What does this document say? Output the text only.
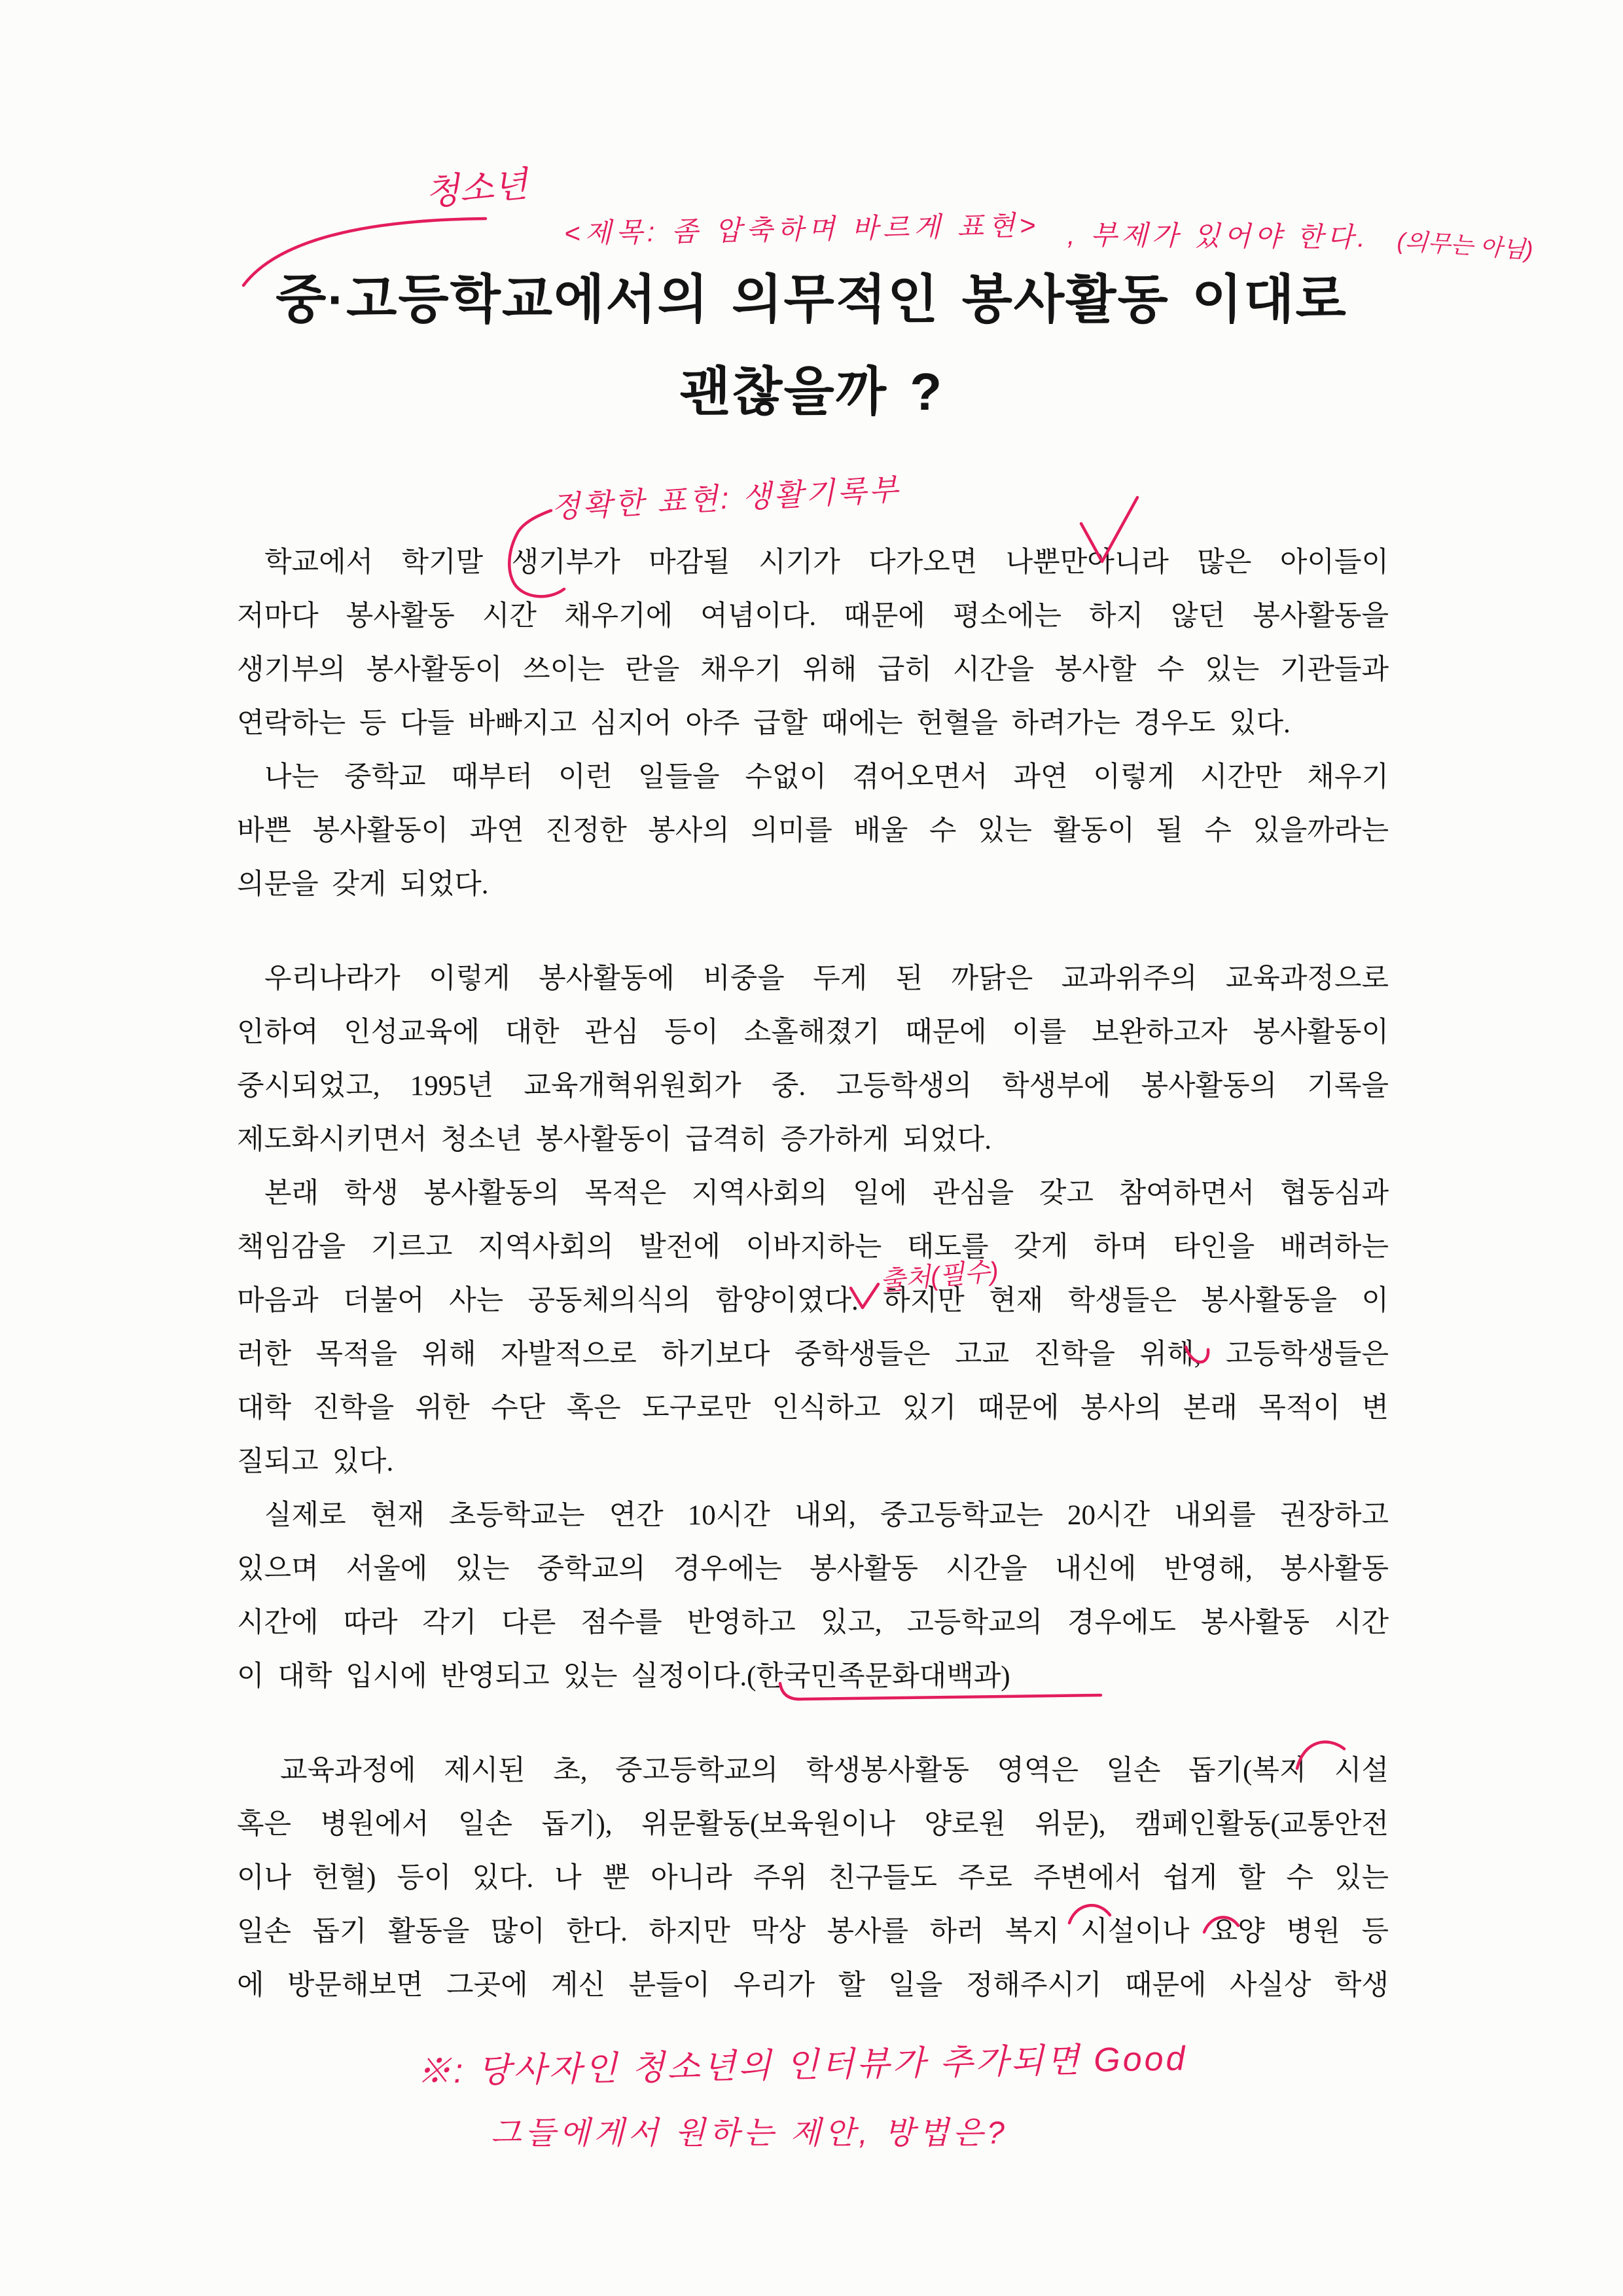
중·고등학교에서의 의무적인 봉사활동 이대로
괜찮을까 ?
학교에서 학기말 생기부가 마감될 시기가 다가오면 나뿐만아니라 많은 아이들이
저마다 봉사활동 시간 채우기에 여념이다. 때문에 평소에는 하지 않던 봉사활동을
생기부의 봉사활동이 쓰이는 란을 채우기 위해 급히 시간을 봉사할 수 있는 기관들과
연락하는 등 다들 바빠지고 심지어 아주 급할 때에는 헌혈을 하려가는 경우도 있다.
나는 중학교 때부터 이런 일들을 수없이 겪어오면서 과연 이렇게 시간만 채우기
바쁜 봉사활동이 과연 진정한 봉사의 의미를 배울 수 있는 활동이 될 수 있을까라는
의문을 갖게 되었다.
우리나라가 이렇게 봉사활동에 비중을 두게 된 까닭은 교과위주의 교육과정으로
인하여 인성교육에 대한 관심 등이 소홀해졌기 때문에 이를 보완하고자 봉사활동이
중시되었고, 1995년 교육개혁위원회가 중. 고등학생의 학생부에 봉사활동의 기록을
제도화시키면서 청소년 봉사활동이 급격히 증가하게 되었다.
본래 학생 봉사활동의 목적은 지역사회의 일에 관심을 갖고 참여하면서 협동심과
책임감을 기르고 지역사회의 발전에 이바지하는 태도를 갖게 하며 타인을 배려하는
마음과 더불어 사는 공동체의식의 함양이였다. 하지만 현재 학생들은 봉사활동을 이
러한 목적을 위해 자발적으로 하기보다 중학생들은 고교 진학을 위해, 고등학생들은
대학 진학을 위한 수단 혹은 도구로만 인식하고 있기 때문에 봉사의 본래 목적이 변
질되고 있다.
실제로 현재 초등학교는 연간 10시간 내외, 중고등학교는 20시간 내외를 권장하고
있으며 서울에 있는 중학교의 경우에는 봉사활동 시간을 내신에 반영해, 봉사활동
시간에 따라 각기 다른 점수를 반영하고 있고, 고등학교의 경우에도 봉사활동 시간
이 대학 입시에 반영되고 있는 실정이다.(한국민족문화대백과)
교육과정에 제시된 초, 중고등학교의 학생봉사활동 영역은 일손 돕기(복지 시설
혹은 병원에서 일손 돕기), 위문활동(보육원이나 양로원 위문), 캠페인활동(교통안전
이나 헌혈) 등이 있다. 나 뿐 아니라 주위 친구들도 주로 주변에서 쉽게 할 수 있는
일손 돕기 활동을 많이 한다. 하지만 막상 봉사를 하러 복지 시설이나 요양 병원 등
에 방문해보면 그곳에 계신 분들이 우리가 할 일을 정해주시기 때문에 사실상 학생
청소년
<제목: 좀 압축하며 바르게 표현> , 부제가 있어야 한다. (의무는 아님)
정확한 표현: 생활기록부
출처(필수)
※: 당사자인 청소년의 인터뷰가 추가되면 Good
그들에게서 원하는 제안, 방법은?
